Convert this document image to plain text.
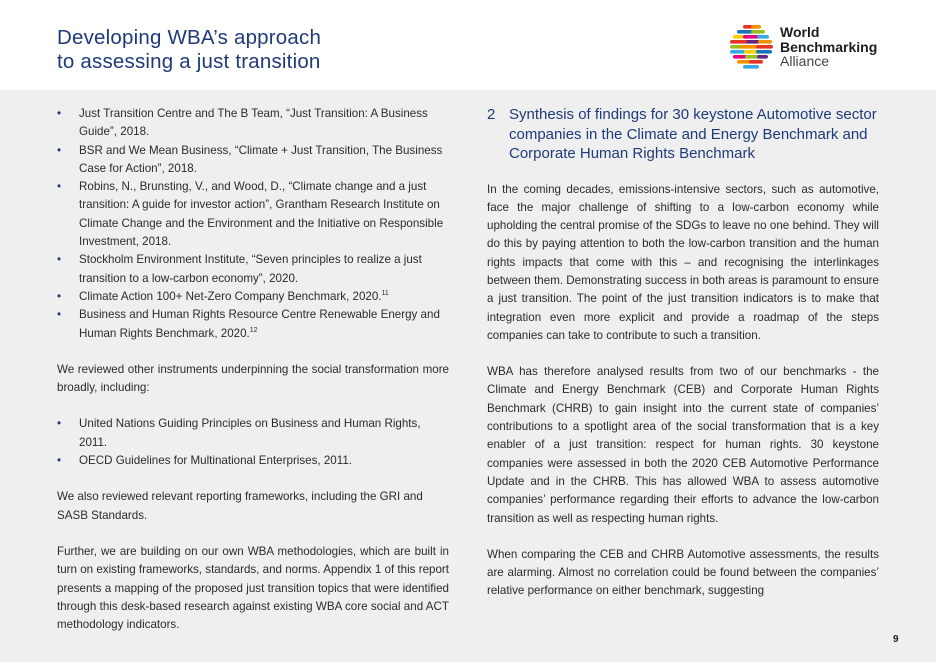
Developing WBA’s approach
to assessing a just transition
World
Benchmarking
Alliance
• Just Transition Centre and The B Team, “Just Transition: A Business Guide”, 2018.
• BSR and We Mean Business, “Climate + Just Transition, The Business Case for Action”, 2018.
• Robins, N., Brunsting, V., and Wood, D., “Climate change and a just transition: A guide for investor action”, Grantham Research Institute on Climate Change and the Environment and the Initiative on Responsible Investment, 2018.
• Stockholm Environment Institute, “Seven principles to realize a just transition to a low-carbon economy”, 2020.
• Climate Action 100+ Net-Zero Company Benchmark, 2020.11
• Business and Human Rights Resource Centre Renewable Energy and Human Rights Benchmark, 2020.12

We reviewed other instruments underpinning the social transformation more broadly, including:

• United Nations Guiding Principles on Business and Human Rights, 2011.
• OECD Guidelines for Multinational Enterprises, 2011.

We also reviewed relevant reporting frameworks, including the GRI and SASB Standards.

Further, we are building on our own WBA methodologies, which are built in turn on existing frameworks, standards, and norms. Appendix 1 of this report presents a mapping of the proposed just transition topics that were identified through this desk-based research against existing WBA core social and ACT methodology indicators.

2 Synthesis of findings for 30 keystone Automotive sector companies in the Climate and Energy Benchmark and Corporate Human Rights Benchmark

In the coming decades, emissions-intensive sectors, such as automotive, face the major challenge of shifting to a low-carbon economy while upholding the central promise of the SDGs to leave no one behind. They will do this by paying attention to both the low-carbon transition and the human rights impacts that come with this – and recognising the interlinkages between them. Demonstrating success in both areas is paramount to ensure a just transition. The point of the just transition indicators is to make that integration even more explicit and provide a roadmap of the steps companies can take to contribute to such a transition.

WBA has therefore analysed results from two of our benchmarks - the Climate and Energy Benchmark (CEB) and Corporate Human Rights Benchmark (CHRB) to gain insight into the current state of companies’ contributions to a spotlight area of the social transformation that is a key enabler of a just transition: respect for human rights. 30 keystone companies were assessed in both the 2020 CEB Automotive Performance Update and in the CHRB. This has allowed WBA to assess automotive companies’ performance regarding their efforts to advance the low-carbon transition as well as respecting human rights.

When comparing the CEB and CHRB Automotive assessments, the results are alarming. Almost no correlation could be found between the companies’ relative performance on either benchmark, suggesting

9
